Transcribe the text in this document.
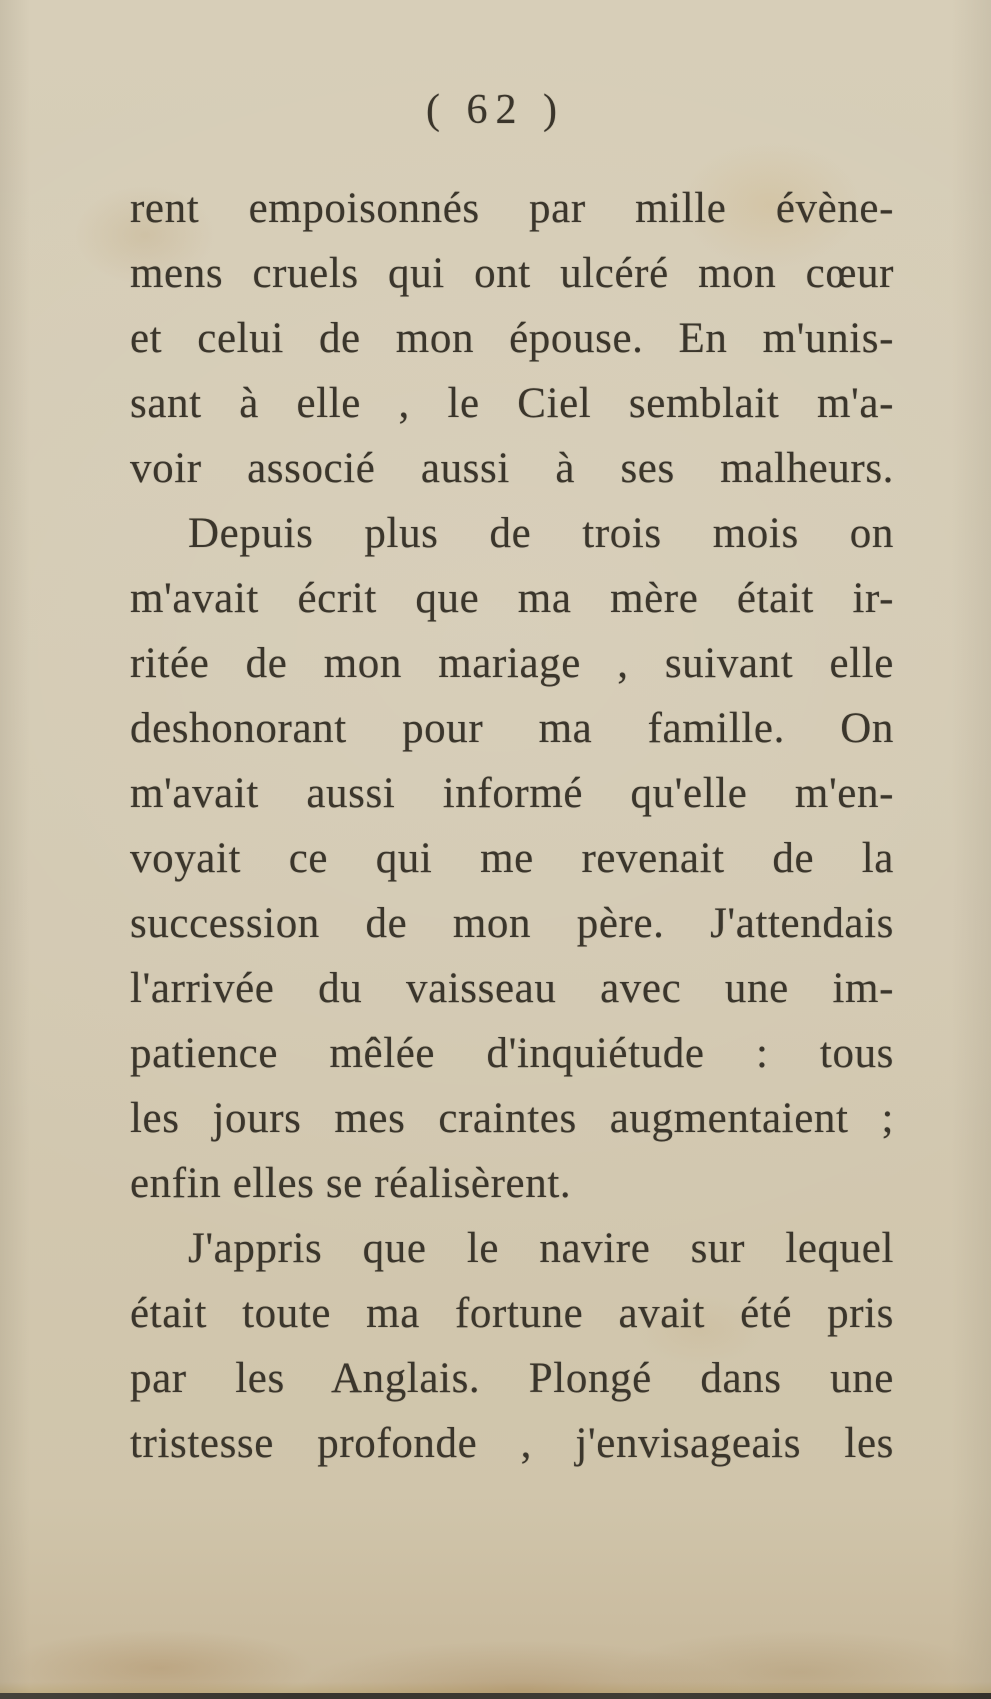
( 62 )
rent empoisonnés par mille évène-
mens cruels qui ont ulcéré mon cœur
et celui de mon épouse. En m'unis-
sant à elle , le Ciel semblait m'a-
voir associé aussi à ses malheurs.
Depuis plus de trois mois on
m'avait écrit que ma mère était ir-
ritée de mon mariage , suivant elle
deshonorant pour ma famille. On
m'avait aussi informé qu'elle m'en-
voyait ce qui me revenait de la
succession de mon père. J'attendais
l'arrivée du vaisseau avec une im-
patience mêlée d'inquiétude : tous
les jours mes craintes augmentaient ;
enfin elles se réalisèrent.
J'appris que le navire sur lequel
était toute ma fortune avait été pris
par les Anglais. Plongé dans une
tristesse profonde , j'envisageais les
